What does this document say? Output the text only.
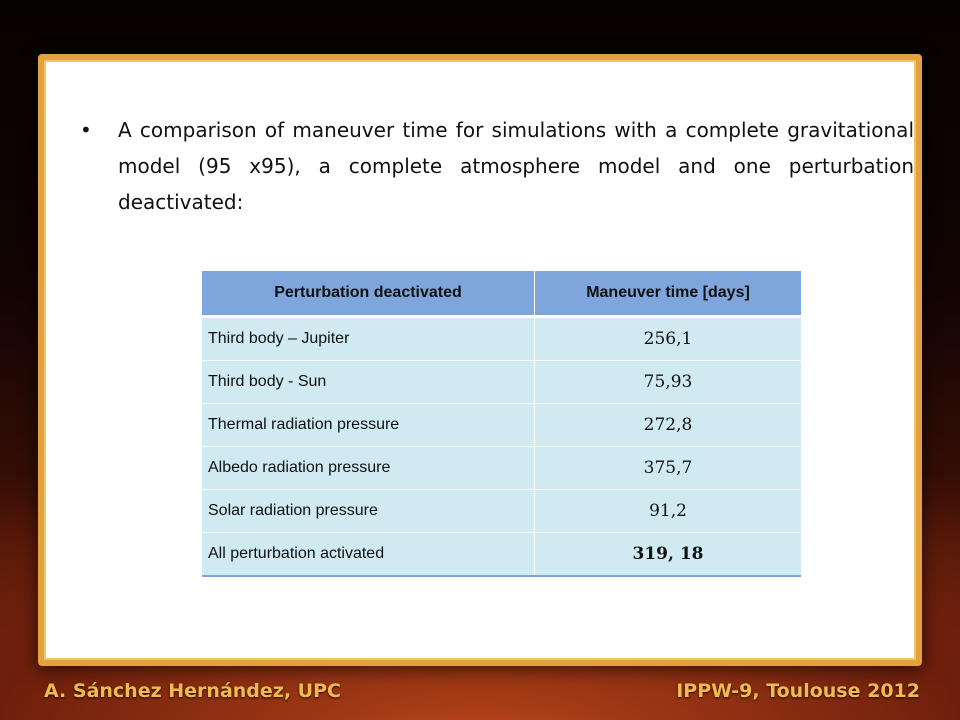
•	A comparison of maneuver time for simulations with a complete gravitational model (95 x95), a complete atmosphere model and one perturbation deactivated:
Perturbation deactivated	Maneuver time [days]
Third body – Jupiter	256,1
Third body - Sun	75,93
Thermal radiation pressure	272,8
Albedo radiation pressure	375,7
Solar radiation pressure	91,2
All perturbation activated	319, 18
A. Sánchez Hernández, UPC	IPPW-9, Toulouse 2012
